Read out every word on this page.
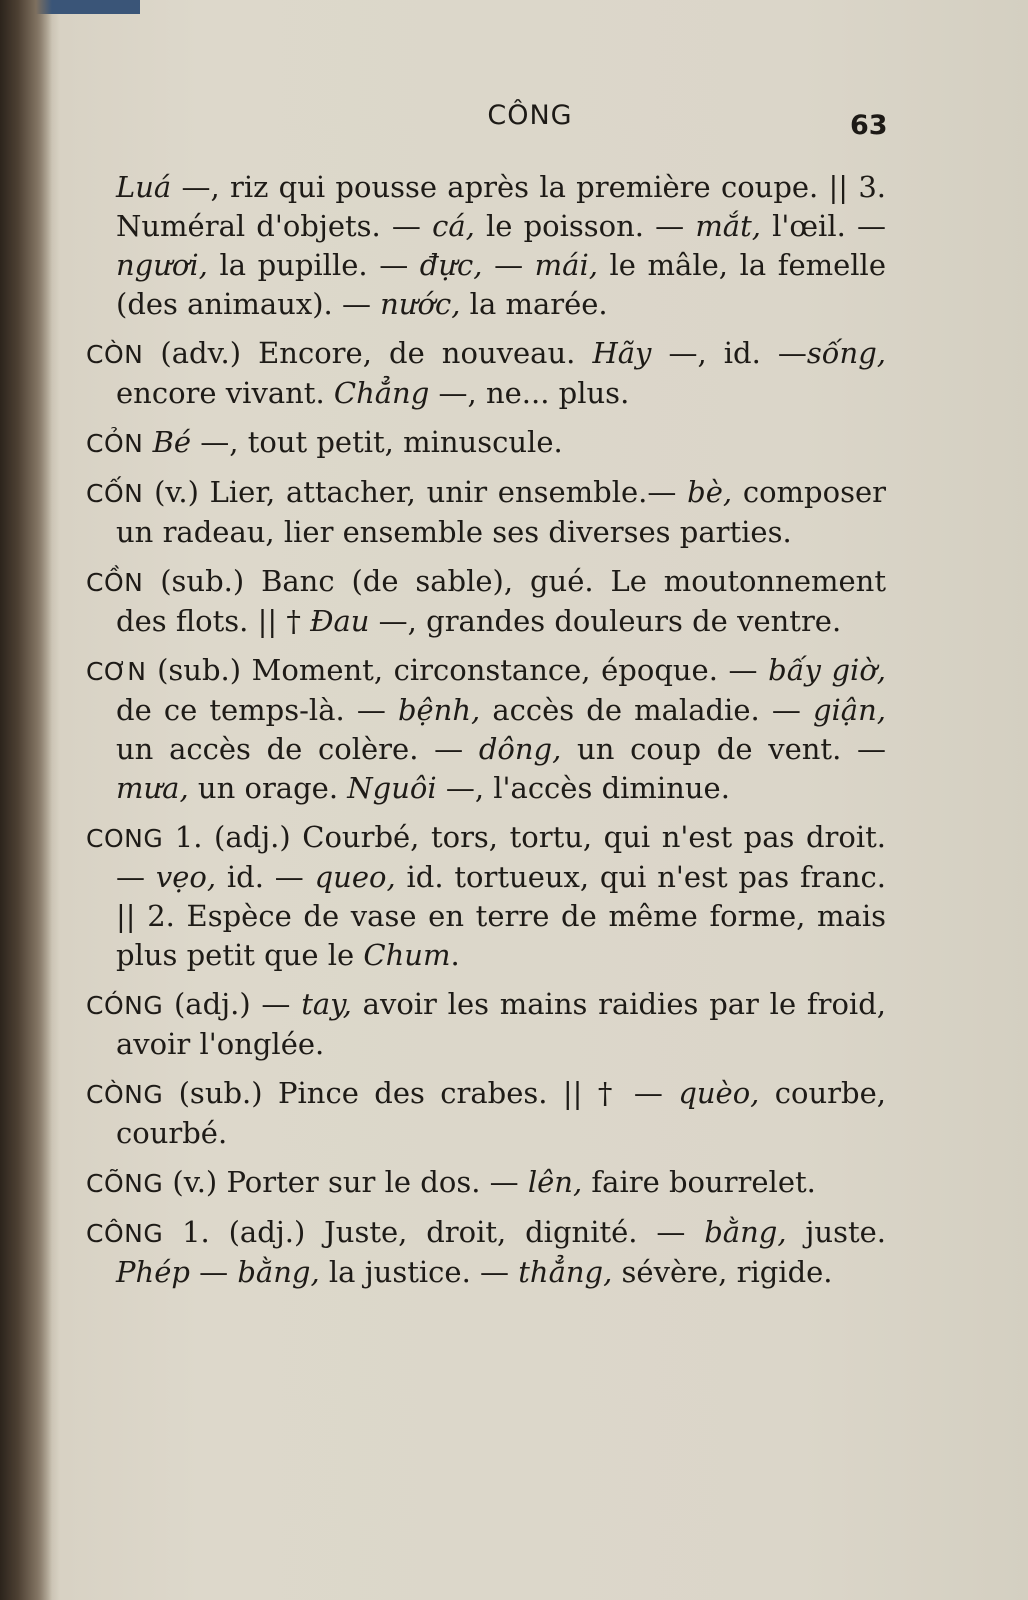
CÔNG	63

Luá —, riz qui pousse après la première coupe. || 3. Numéral d'objets. — cá, le poisson. — mắt, l'œil. — ngươi, la pupille. — đực, — mái, le mâle, la femelle (des animaux). — nước, la marée.

CÒN (adv.) Encore, de nouveau. Hãy —, id. —sống, encore vivant. Chẳng —, ne... plus.

CỎN Bé —, tout petit, minuscule.

CỐN (v.) Lier, attacher, unir ensemble.— bè, composer un radeau, lier ensemble ses diverses parties.

CỒN (sub.) Banc (de sable), gué. Le moutonnement des flots. || † Đau —, grandes douleurs de ventre.

CƠN (sub.) Moment, circonstance, époque. — bấy giờ, de ce temps-là. — bệnh, accès de maladie. — giận, un accès de colère. — dông, un coup de vent. — mưa, un orage. Nguôi —, l'accès diminue.

CONG 1. (adj.) Courbé, tors, tortu, qui n'est pas droit. — vẹo, id. — queo, id. tortueux, qui n'est pas franc. || 2. Espèce de vase en terre de même forme, mais plus petit que le Chum.

CÓNG (adj.) — tay, avoir les mains raidies par le froid, avoir l'onglée.

CÒNG (sub.) Pince des crabes. || † — quèo, courbe, courbé.

CÕNG (v.) Porter sur le dos. — lên, faire bourrelet.

CÔNG 1. (adj.) Juste, droit, dignité. — bằng, juste. Phép — bằng, la justice. — thẳng, sévère, rigide.
